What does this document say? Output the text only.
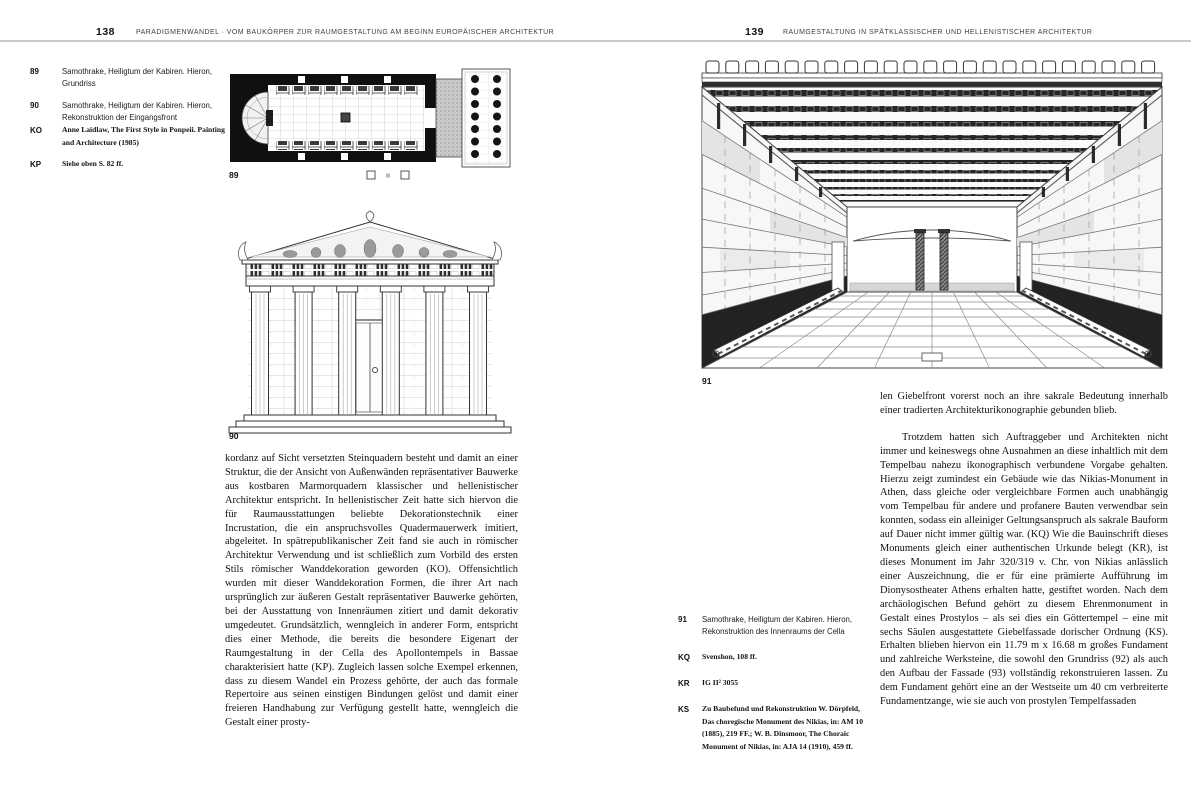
138	PARADIGMENWANDEL · VOM BAUKÖRPER ZUR RAUMGESTALTUNG AM BEGINN EUROPÄISCHER ARCHITEKTUR	139	RAUMGESTALTUNG IN SPÄTKLASSISCHER UND HELLENISTISCHER ARCHITEKTUR
89	Samothrake, Heiligtum der Kabiren. Hieron, Grundriss
90	Samothrake, Heiligtum der Kabiren. Hieron, Rekonstruktion der Eingangsfront
KO	Anne Laidlaw, The First Style in Ponpeii. Painting and Architecture (1985)
KP	Siehe oben S. 82 ff.
89
90

kordanz auf Sicht versetzten Steinquadern besteht und damit an einer Struktur, die der Ansicht von Außenwänden repräsentativer Bauwerke aus kostbaren Marmorquadern klassischer und hellenistischer Architektur entspricht. In hellenistischer Zeit hatte sich hiervon die für Raumausstattungen beliebte Dekorationstechnik einer Incrustation, die ein anspruchsvolles Quadermauerwerk imitiert, abgeleitet. In spätrepublikanischer Zeit fand sie auch in römischer Architektur Verwendung und ist schließlich zum Vorbild des ersten Stils römischer Wanddekoration geworden (KO). Offensichtlich wurden mit dieser Wanddekoration Formen, die ihrer Art nach ursprünglich zur äußeren Gestalt repräsentativer Bauwerke gehörten, bei der Ausstattung von Innenräumen zitiert und damit dekorativ umgedeutet. Grundsätzlich, wenngleich in anderer Form, entspricht dies einer Methode, die bereits die besondere Eigenart der Raumgestaltung in der Cella des Apollontempels in Bassae charakterisiert hatte (KP). Zugleich lassen solche Exempel erkennen, dass zu diesem Wandel ein Prozess gehörte, der auch das formale Repertoire aus seinen einstigen Bindungen gelöst und damit einer freieren Handhabung zur Verfügung gestellt hatte, wenngleich die Gestalt einer prosty-

91

len Giebelfront vorerst noch an ihre sakrale Bedeutung innerhalb einer tradierten Architekturikonographie gebunden blieb.

Trotzdem hatten sich Auftraggeber und Architekten nicht immer und keineswegs ohne Ausnahmen an diese inhaltlich mit dem Tempelbau nahezu ikonographisch verbundene Vorgabe gehalten. Hierzu zeigt zumindest ein Gebäude wie das Nikias-Monument in Athen, dass gleiche oder vergleichbare Formen auch unabhängig vom Tempelbau für andere und profanere Bauten verwendbar sein konnten, sodass ein alleiniger Geltungsanspruch als sakrale Bauform auf Dauer nicht immer gültig war. (KQ) Wie die Bauinschrift dieses Monuments gleich einer authentischen Urkunde belegt (KR), ist dieses Monument im Jahr 320/319 v. Chr. von Nikias anlässlich einer Auszeichnung, die er für eine prämierte Aufführung im Dionysostheater Athens erhalten hatte, gestiftet worden. Nach dem archäologischen Befund gehört zu diesem Ehrenmonument in Gestalt eines Prostylos – als sei dies ein Göttertempel – eine mit sechs Säulen ausgestattete Giebelfassade dorischer Ordnung (KS). Erhalten blieben hiervon ein 11.79 m x 16.68 m großes Fundament und zahlreiche Werksteine, die sowohl den Grundriss (92) als auch den Aufbau der Fassade (93) vollständig rekonstruieren lassen. Zu dem Fundament gehört eine an der Westseite um 40 cm verbreiterte Fundamentzange, wie sie auch von prostylen Tempelfassaden

91 Samothrake, Heiligtum der Kabiren. Hieron, Rekonstruktion des Innenraums der Cella
KQ Svenshon, 108 ff.
KR IG II² 3055
KS Zu Baubefund und Rekonstruktion W. Dörpfeld, Das choregische Monument des Nikias, in: AM 10 (1885), 219 FF.; W. B. Dinsmoor, The Choraic Monument of Nikias, in: AJA 14 (1910), 459 ff.
